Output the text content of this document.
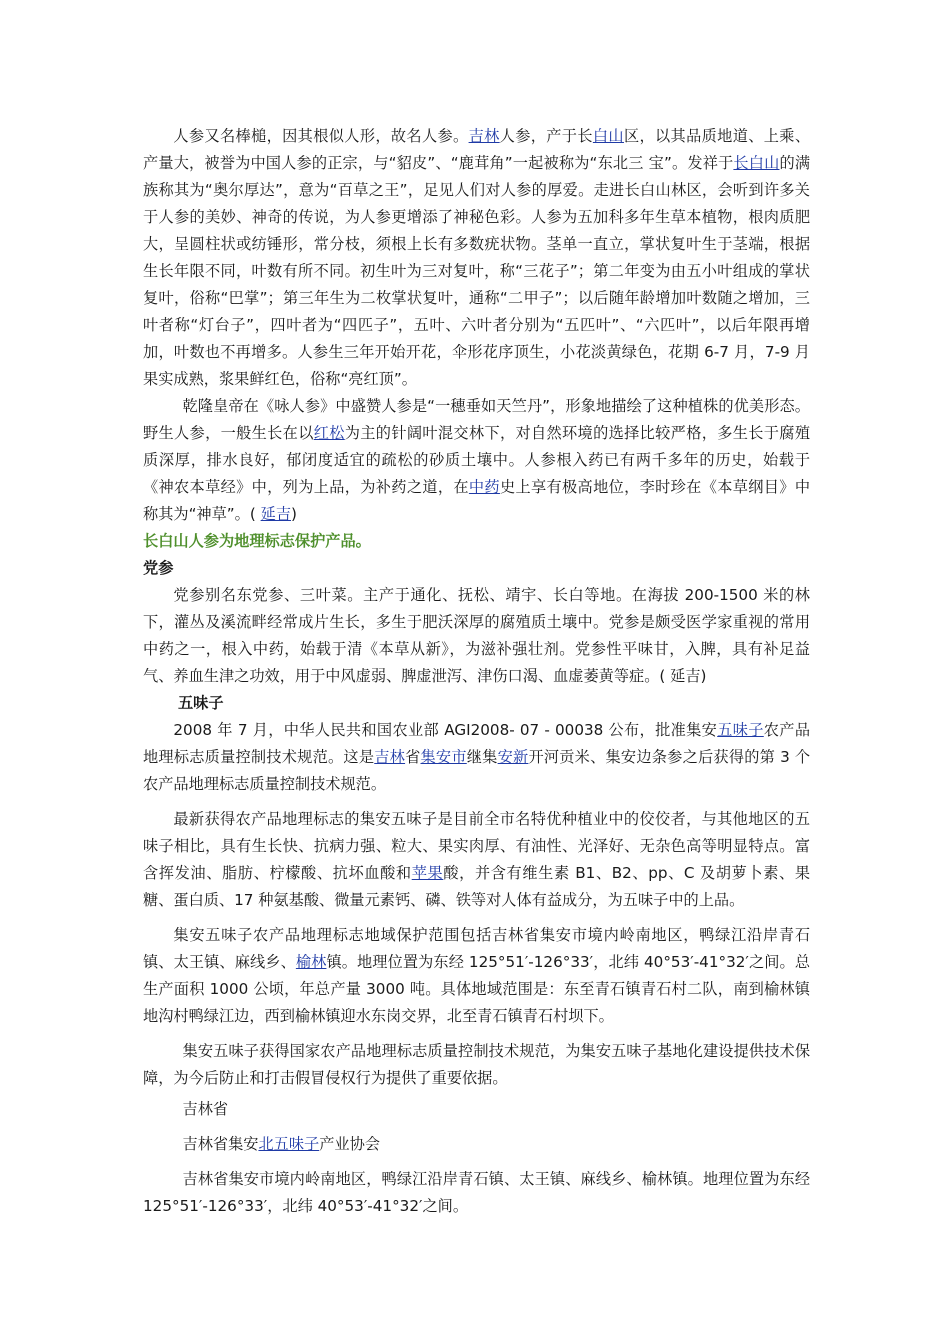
人参又名棒槌，因其根似人形，故名人参。吉林人参，产于长白山区，以其品质地道、上乘、产量大，被誉为中国人参的正宗，与“貂皮”、“鹿茸角”一起被称为“东北三 宝”。发祥于长白山的满族称其为“奥尔厚达”，意为“百草之王”，足见人们对人参的厚爱。走进长白山林区，会听到许多关于人参的美妙、神奇的传说，为人参更增添了神秘色彩。人参为五加科多年生草本植物，根肉质肥大，呈圆柱状或纺锤形，常分枝，须根上长有多数疣状物。茎单一直立，掌状复叶生于茎端，根据生长年限不同，叶数有所不同。初生叶为三对复叶，称“三花子”；第二年变为由五小叶组成的掌状复叶，俗称“巴掌”；第三年生为二枚掌状复叶，通称“二甲子”；以后随年龄增加叶数随之增加，三叶者称“灯台子”，四叶者为“四匹子”，五叶、六叶者分别为“五匹叶”、“六匹叶”，以后年限再增加，叶数也不再增多。人参生三年开始开花，伞形花序顶生，小花淡黄绿色，花期 6-7 月，7-9 月果实成熟，浆果鲜红色，俗称“亮红顶”。

乾隆皇帝在《咏人参》中盛赞人参是“一穗垂如天竺丹”，形象地描绘了这种植株的优美形态。野生人参，一般生长在以红松为主的针阔叶混交林下，对自然环境的选择比较严格，多生长于腐殖质深厚，排水良好，郁闭度适宜的疏松的砂质土壤中。人参根入药已有两千多年的历史，始载于《神农本草经》中，列为上品，为补药之道，在中药史上享有极高地位，李时珍在《本草纲目》中称其为“神草”。( 延吉)

长白山人参为地理标志保护产品。

党参

党参别名东党参、三叶菜。主产于通化、抚松、靖宇、长白等地。在海拔 200-1500 米的林下，灌丛及溪流畔经常成片生长，多生于肥沃深厚的腐殖质土壤中。党参是颇受医学家重视的常用中药之一，根入中药，始载于清《本草从新》，为滋补强壮剂。党参性平味甘，入脾，具有补足益气、养血生津之功效，用于中风虚弱、脾虚泄泻、津伤口渴、血虚萎黄等症。( 延吉)

五味子

2008 年 7 月，中华人民共和国农业部 AGI2008- 07 - 00038 公布，批准集安五味子农产品地理标志质量控制技术规范。这是吉林省集安市继集安新开河贡米、集安边条参之后获得的第 3 个农产品地理标志质量控制技术规范。

最新获得农产品地理标志的集安五味子是目前全市名特优种植业中的佼佼者，与其他地区的五味子相比，具有生长快、抗病力强、粒大、果实肉厚、有油性、光泽好、无杂色高等明显特点。富含挥发油、脂肪、柠檬酸、抗坏血酸和苹果酸，并含有维生素 B1、B2、pp、C 及胡萝卜素、果糖、蛋白质、17 种氨基酸、微量元素钙、磷、铁等对人体有益成分，为五味子中的上品。

集安五味子农产品地理标志地域保护范围包括吉林省集安市境内岭南地区，鸭绿江沿岸青石镇、太王镇、麻线乡、榆林镇。地理位置为东经 125°51′-126°33′，北纬 40°53′-41°32′之间。总生产面积 1000 公顷，年总产量 3000 吨。具体地域范围是：东至青石镇青石村二队，南到榆林镇地沟村鸭绿江边，西到榆林镇迎水东岗交界，北至青石镇青石村坝下。

集安五味子获得国家农产品地理标志质量控制技术规范，为集安五味子基地化建设提供技术保障，为今后防止和打击假冒侵权行为提供了重要依据。

吉林省

吉林省集安北五味子产业协会

吉林省集安市境内岭南地区，鸭绿江沿岸青石镇、太王镇、麻线乡、榆林镇。地理位置为东经 125°51′-126°33′，北纬 40°53′-41°32′之间。
